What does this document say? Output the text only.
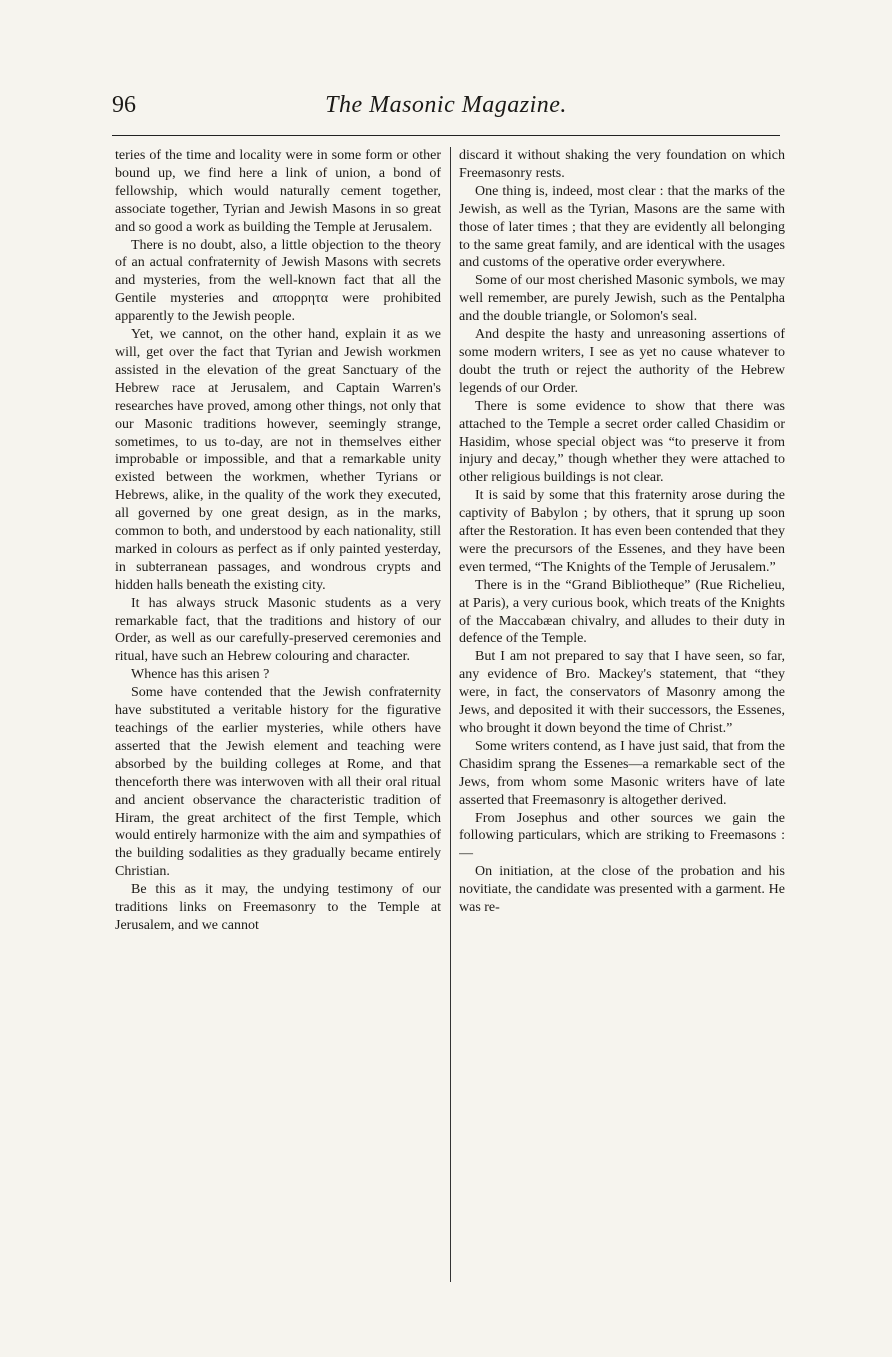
96	The Masonic Magazine.

teries of the time and locality were in some form or other bound up, we find here a link of union, a bond of fellowship, which would naturally cement together, associate together, Tyrian and Jewish Masons in so great and so good a work as building the Temple at Jerusalem.

There is no doubt, also, a little objection to the theory of an actual confraternity of Jewish Masons with secrets and mysteries, from the well-known fact that all the Gentile mysteries and απορρητα were prohibited apparently to the Jewish people.

Yet, we cannot, on the other hand, explain it as we will, get over the fact that Tyrian and Jewish workmen assisted in the elevation of the great Sanctuary of the Hebrew race at Jerusalem, and Captain Warren's researches have proved, among other things, not only that our Masonic traditions however, seemingly strange, sometimes, to us to-day, are not in themselves either improbable or impossible, and that a remarkable unity existed between the workmen, whether Tyrians or Hebrews, alike, in the quality of the work they executed, all governed by one great design, as in the marks, common to both, and understood by each nationality, still marked in colours as perfect as if only painted yesterday, in subterranean passages, and wondrous crypts and hidden halls beneath the existing city.

It has always struck Masonic students as a very remarkable fact, that the traditions and history of our Order, as well as our carefully-preserved ceremonies and ritual, have such an Hebrew colouring and character.

Whence has this arisen ?

Some have contended that the Jewish confraternity have substituted a veritable history for the figurative teachings of the earlier mysteries, while others have asserted that the Jewish element and teaching were absorbed by the building colleges at Rome, and that thenceforth there was interwoven with all their oral ritual and ancient observance the characteristic tradition of Hiram, the great architect of the first Temple, which would entirely harmonize with the aim and sympathies of the building sodalities as they gradually became entirely Christian.

Be this as it may, the undying testimony of our traditions links on Freemasonry to the Temple at Jerusalem, and we cannot

discard it without shaking the very foundation on which Freemasonry rests.

One thing is, indeed, most clear : that the marks of the Jewish, as well as the Tyrian, Masons are the same with those of later times ; that they are evidently all belonging to the same great family, and are identical with the usages and customs of the operative order everywhere.

Some of our most cherished Masonic symbols, we may well remember, are purely Jewish, such as the Pentalpha and the double triangle, or Solomon's seal.

And despite the hasty and unreasoning assertions of some modern writers, I see as yet no cause whatever to doubt the truth or reject the authority of the Hebrew legends of our Order.

There is some evidence to show that there was attached to the Temple a secret order called Chasidim or Hasidim, whose special object was “to preserve it from injury and decay,” though whether they were attached to other religious buildings is not clear.

It is said by some that this fraternity arose during the captivity of Babylon ; by others, that it sprung up soon after the Restoration. It has even been contended that they were the precursors of the Essenes, and they have been even termed, “The Knights of the Temple of Jerusalem.”

There is in the “Grand Bibliotheque” (Rue Richelieu, at Paris), a very curious book, which treats of the Knights of the Maccabæan chivalry, and alludes to their duty in defence of the Temple.

But I am not prepared to say that I have seen, so far, any evidence of Bro. Mackey's statement, that “they were, in fact, the conservators of Masonry among the Jews, and deposited it with their successors, the Essenes, who brought it down beyond the time of Christ.”

Some writers contend, as I have just said, that from the Chasidim sprang the Essenes—a remarkable sect of the Jews, from whom some Masonic writers have of late asserted that Freemasonry is altogether derived.

From Josephus and other sources we gain the following particulars, which are striking to Freemasons :—

On initiation, at the close of the probation and his novitiate, the candidate was presented with a garment. He was re-
